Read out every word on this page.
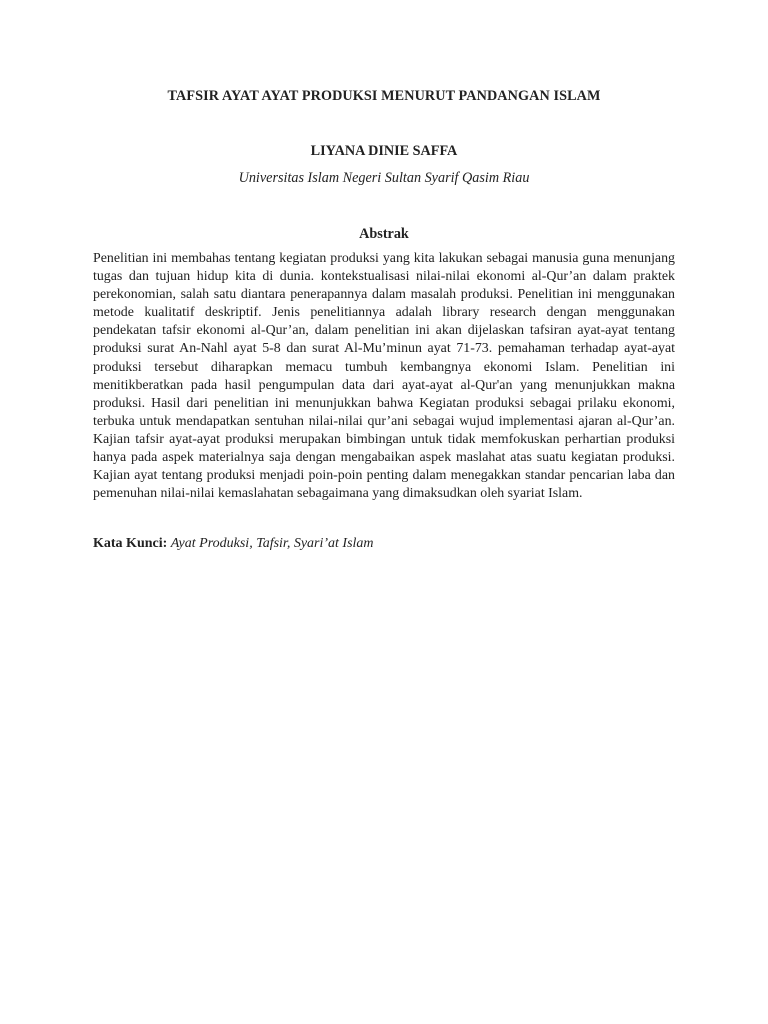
TAFSIR AYAT AYAT PRODUKSI MENURUT PANDANGAN ISLAM
LIYANA DINIE SAFFA
Universitas Islam Negeri Sultan Syarif Qasim Riau
Abstrak

Penelitian ini membahas tentang kegiatan produksi yang kita lakukan sebagai manusia guna menunjang tugas dan tujuan hidup kita di dunia. kontekstualisasi nilai-nilai ekonomi al-Qur’an dalam praktek perekonomian, salah satu diantara penerapannya dalam masalah produksi. Penelitian ini menggunakan metode kualitatif deskriptif. Jenis penelitiannya adalah library research dengan menggunakan pendekatan tafsir ekonomi al-Qur’an, dalam penelitian ini akan dijelaskan tafsiran ayat-ayat tentang produksi surat An-Nahl ayat 5-8 dan surat Al-Mu’minun ayat 71-73. pemahaman terhadap ayat-ayat produksi tersebut diharapkan memacu tumbuh kembangnya ekonomi Islam. Penelitian ini menitikberatkan pada hasil pengumpulan data dari ayat-ayat al-Qur'an yang menunjukkan makna produksi. Hasil dari penelitian ini menunjukkan bahwa Kegiatan produksi sebagai prilaku ekonomi, terbuka untuk mendapatkan sentuhan nilai-nilai qur’ani sebagai wujud implementasi ajaran al-Qur’an. Kajian tafsir ayat-ayat produksi merupakan bimbingan untuk tidak memfokuskan perhartian produksi hanya pada aspek materialnya saja dengan mengabaikan aspek maslahat atas suatu kegiatan produksi. Kajian ayat tentang produksi menjadi poin-poin penting dalam menegakkan standar pencarian laba dan pemenuhan nilai-nilai kemaslahatan sebagaimana yang dimaksudkan oleh syariat Islam.

Kata Kunci: Ayat Produksi, Tafsir, Syari’at Islam
